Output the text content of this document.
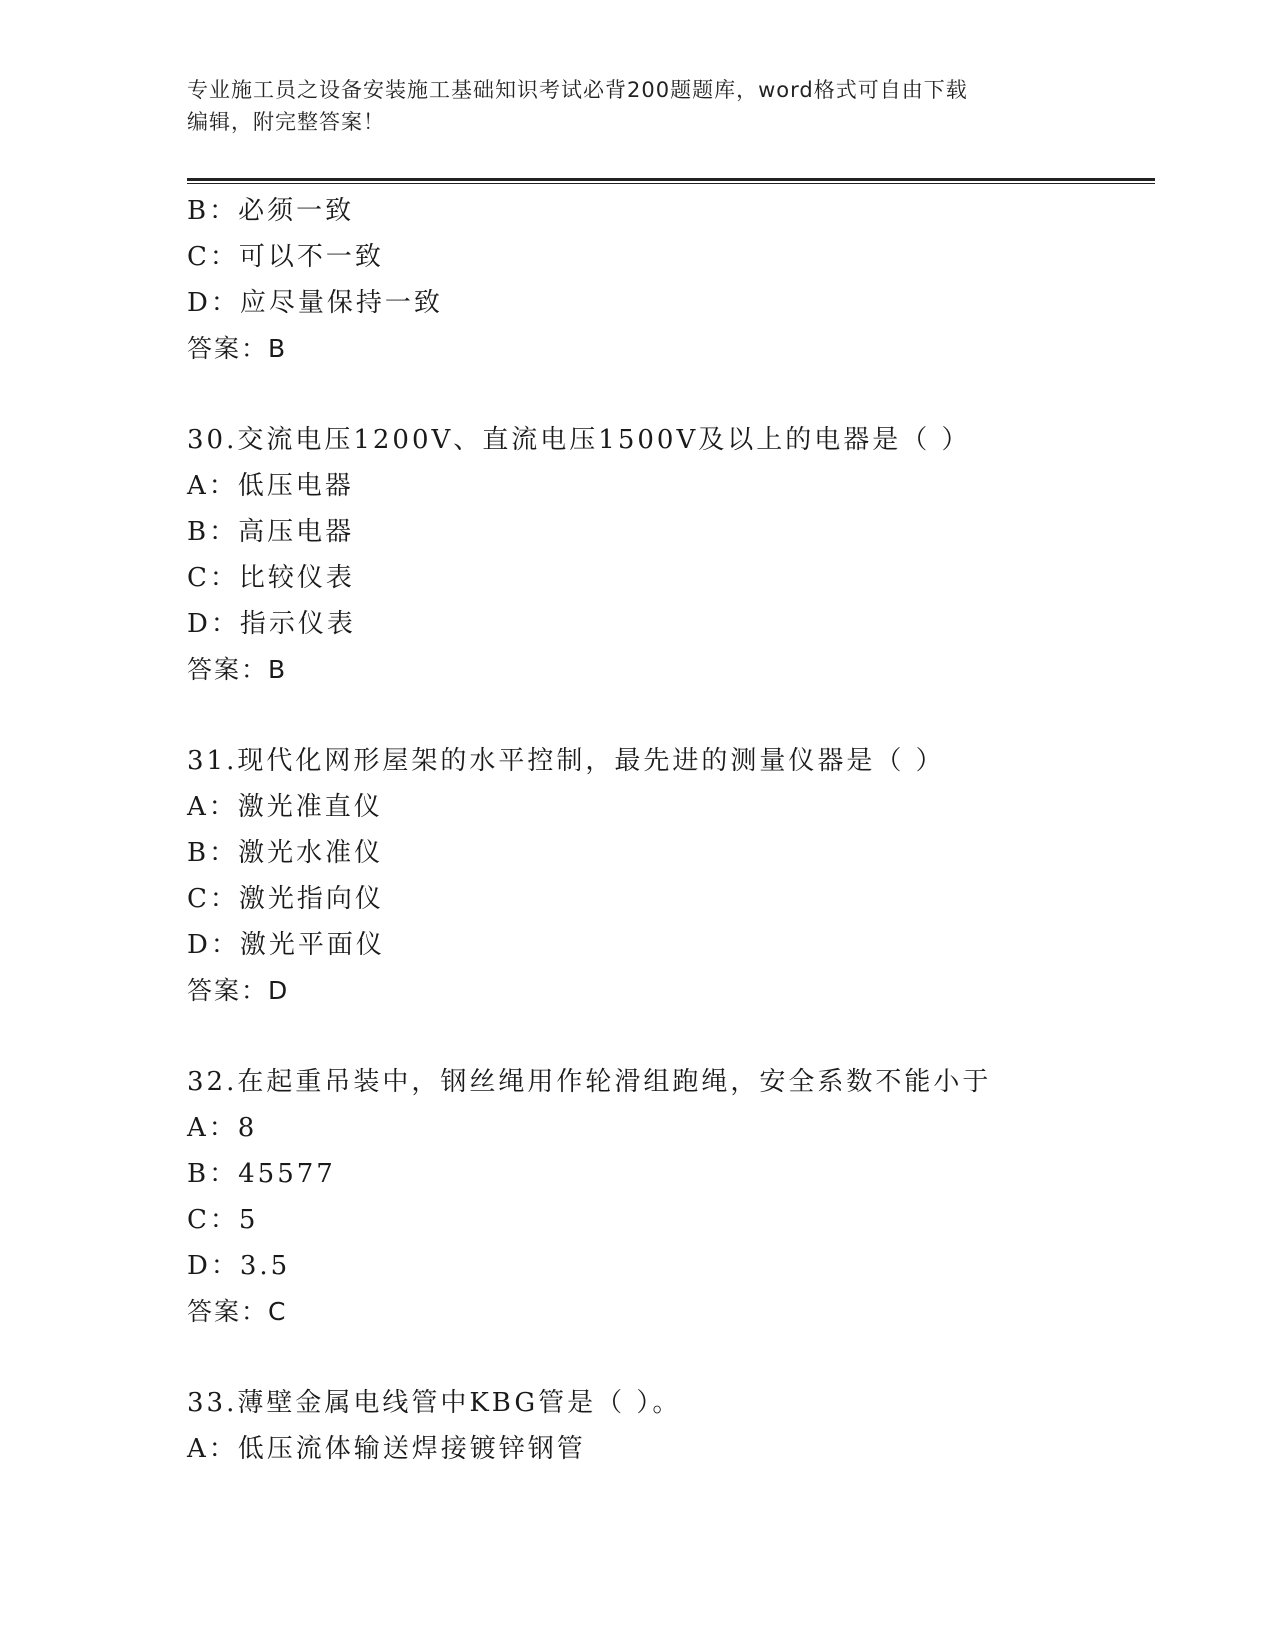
专业施工员之设备安装施工基础知识考试必背200题题库，word格式可自由下载
编辑，附完整答案！
B：必须一致
C：可以不一致
D：应尽量保持一致
答案：B
30.交流电压1200V、直流电压1500V及以上的电器是（ ）
A：低压电器
B：高压电器
C：比较仪表
D：指示仪表
答案：B
31.现代化网形屋架的水平控制，最先进的测量仪器是（ ）
A：激光准直仪
B：激光水准仪
C：激光指向仪
D：激光平面仪
答案：D
32.在起重吊装中，钢丝绳用作轮滑组跑绳，安全系数不能小于
A：8
B：45577
C：5
D：3.5
答案：C
33.薄壁金属电线管中KBG管是（ ）。
A：低压流体输送焊接镀锌钢管
